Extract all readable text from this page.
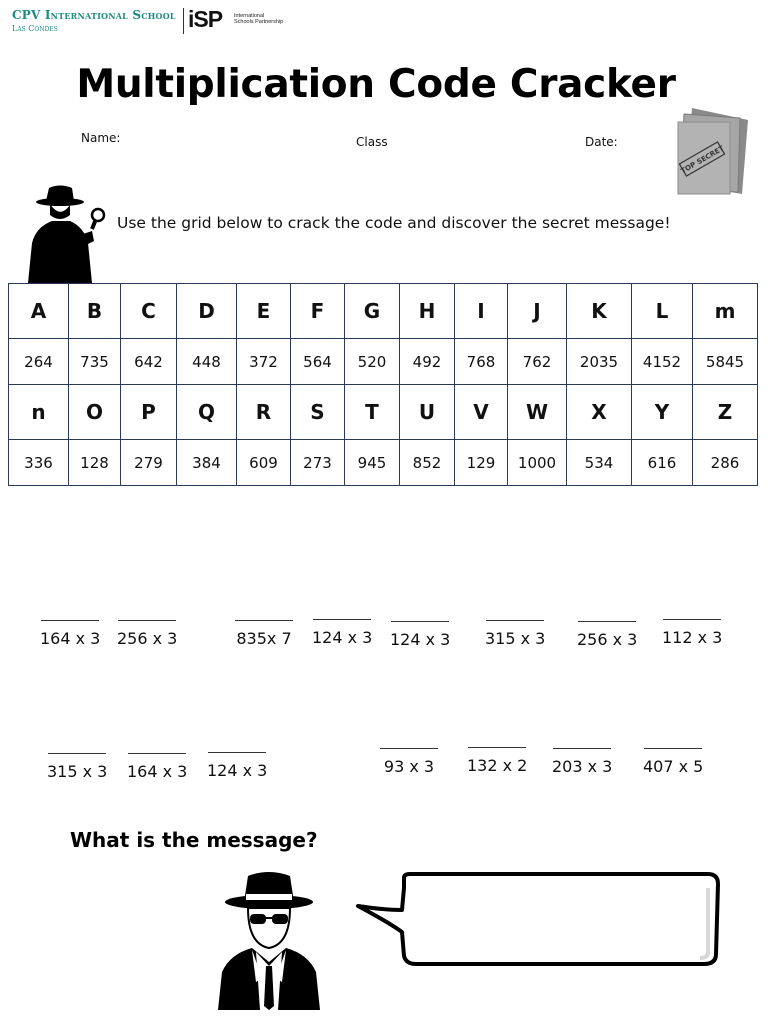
CPV International School
Las Condes	iSP International Schools Partnership
Multiplication Code Cracker
Name:	Class	Date:
TOP SECRET
Use the grid below to crack the code and discover the secret message!
A	B	C	D	E	F	G	H	I	J	K	L	m
264	735	642	448	372	564	520	492	768	762	2035	4152	5845
n	O	P	Q	R	S	T	U	V	W	X	Y	Z
336	128	279	384	609	273	945	852	129	1000	534	616	286
164 x 3 256 x 3	835x 7 124 x 3 124 x 3 315 x 3 256 x 3 112 x 3
315 x 3 164 x 3 124 x 3	93 x 3 132 x 2 203 x 3 407 x 5
What is the message?
